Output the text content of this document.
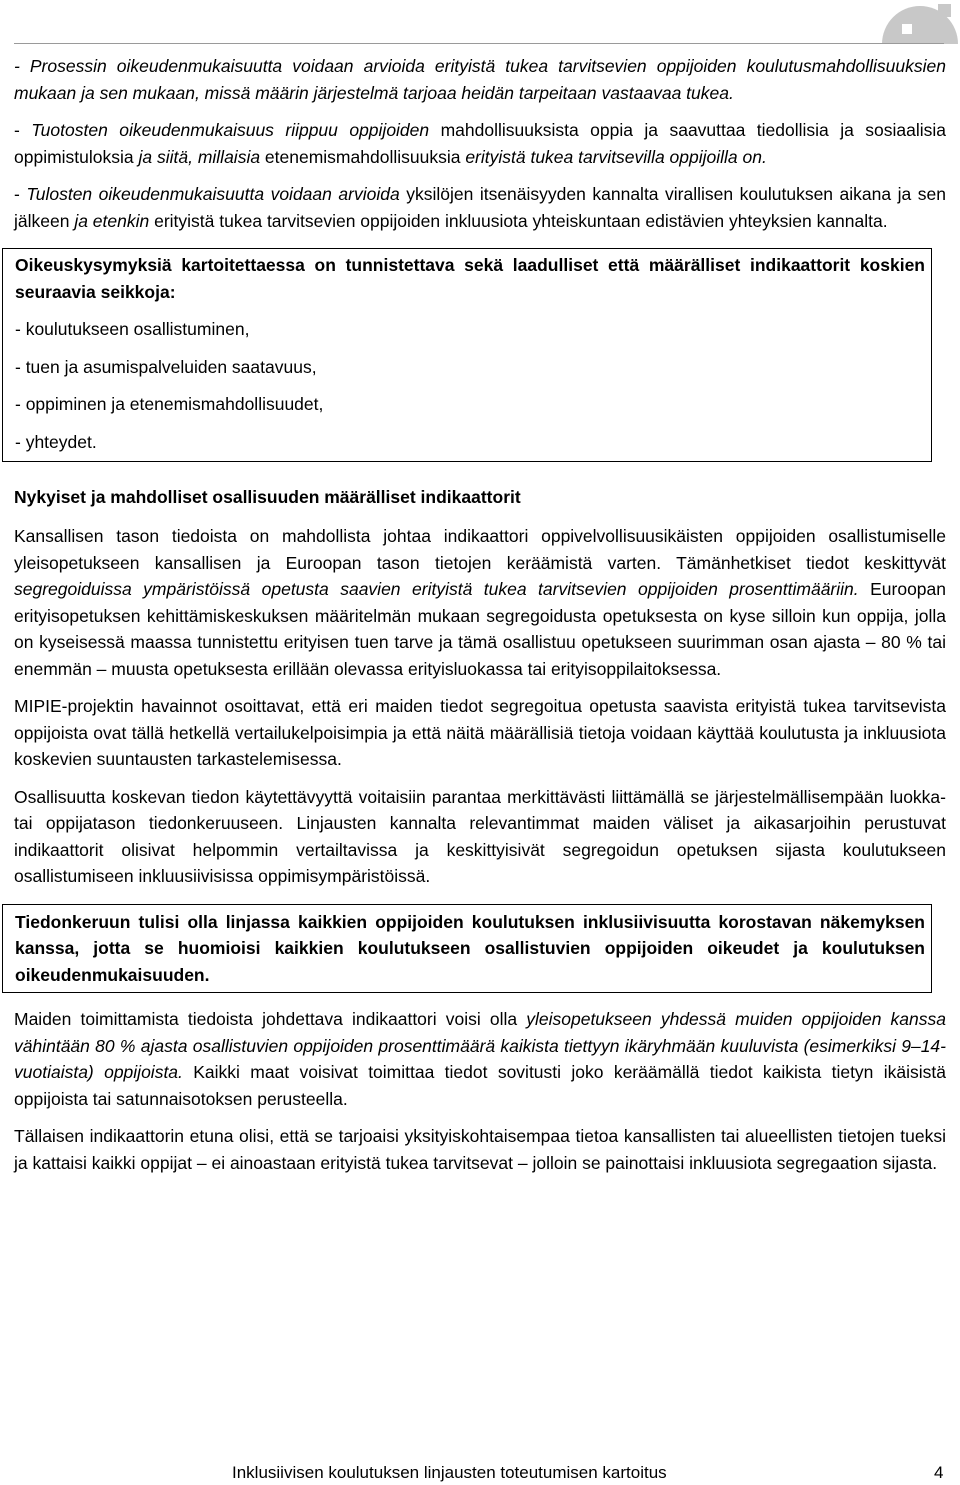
- Prosessin oikeudenmukaisuutta voidaan arvioida erityistä tukea tarvitsevien oppijoiden koulutusmahdollisuuksien mukaan ja sen mukaan, missä määrin järjestelmä tarjoaa heidän tarpeitaan vastaavaa tukea.

- Tuotosten oikeudenmukaisuus riippuu oppijoiden mahdollisuuksista oppia ja saavuttaa tiedollisia ja sosiaalisia oppimistuloksia ja siitä, millaisia etenemismahdollisuuksia erityistä tukea tarvitsevilla oppijoilla on.

- Tulosten oikeudenmukaisuutta voidaan arvioida yksilöjen itsenäisyyden kannalta virallisen koulutuksen aikana ja sen jälkeen ja etenkin erityistä tukea tarvitsevien oppijoiden inkluusiota yhteiskuntaan edistävien yhteyksien kannalta.

Oikeuskysymyksiä kartoitettaessa on tunnistettava sekä laadulliset että määrälliset indikaattorit koskien seuraavia seikkoja:

- koulutukseen osallistuminen,

- tuen ja asumispalveluiden saatavuus,

- oppiminen ja etenemismahdollisuudet,

- yhteydet.

Nykyiset ja mahdolliset osallisuuden määrälliset indikaattorit

Kansallisen tason tiedoista on mahdollista johtaa indikaattori oppivelvollisuusikäisten oppijoiden osallistumiselle yleisopetukseen kansallisen ja Euroopan tason tietojen keräämistä varten. Tämänhetkiset tiedot keskittyvät segregoiduissa ympäristöissä opetusta saavien erityistä tukea tarvitsevien oppijoiden prosenttimääriin. Euroopan erityisopetuksen kehittämiskeskuksen määritelmän mukaan segregoidusta opetuksesta on kyse silloin kun oppija, jolla on kyseisessä maassa tunnistettu erityisen tuen tarve ja tämä osallistuu opetukseen suurimman osan ajasta – 80 % tai enemmän – muusta opetuksesta erillään olevassa erityisluokassa tai erityisoppilaitoksessa.

MIPIE-projektin havainnot osoittavat, että eri maiden tiedot segregoitua opetusta saavista erityistä tukea tarvitsevista oppijoista ovat tällä hetkellä vertailukelpoisimpia ja että näitä määrällisiä tietoja voidaan käyttää koulutusta ja inkluusiota koskevien suuntausten tarkastelemisessa.

Osallisuutta koskevan tiedon käytettävyyttä voitaisiin parantaa merkittävästi liittämällä se järjestelmällisempään luokka- tai oppijatason tiedonkeruuseen. Linjausten kannalta relevantimmat maiden väliset ja aikasarjoihin perustuvat indikaattorit olisivat helpommin vertailtavissa ja keskittyisivät segregoidun opetuksen sijasta koulutukseen osallistumiseen inkluusiivisissa oppimisympäristöissä.

Tiedonkeruun tulisi olla linjassa kaikkien oppijoiden koulutuksen inklusiivisuutta korostavan näkemyksen kanssa, jotta se huomioisi kaikkien koulutukseen osallistuvien oppijoiden oikeudet ja koulutuksen oikeudenmukaisuuden.

Maiden toimittamista tiedoista johdettava indikaattori voisi olla yleisopetukseen yhdessä muiden oppijoiden kanssa vähintään 80 % ajasta osallistuvien oppijoiden prosenttimäärä kaikista tiettyyn ikäryhmään kuuluvista (esimerkiksi 9–14-vuotiaista) oppijoista. Kaikki maat voisivat toimittaa tiedot sovitusti joko keräämällä tiedot kaikista tietyn ikäisistä oppijoista tai satunnaisotoksen perusteella.

Tällaisen indikaattorin etuna olisi, että se tarjoaisi yksityiskohtaisempaa tietoa kansallisten tai alueellisten tietojen tueksi ja kattaisi kaikki oppijat – ei ainoastaan erityistä tukea tarvitsevat – jolloin se painottaisi inkluusiota segregaation sijasta.

Inklusiivisen koulutuksen linjausten toteutumisen kartoitus	4
